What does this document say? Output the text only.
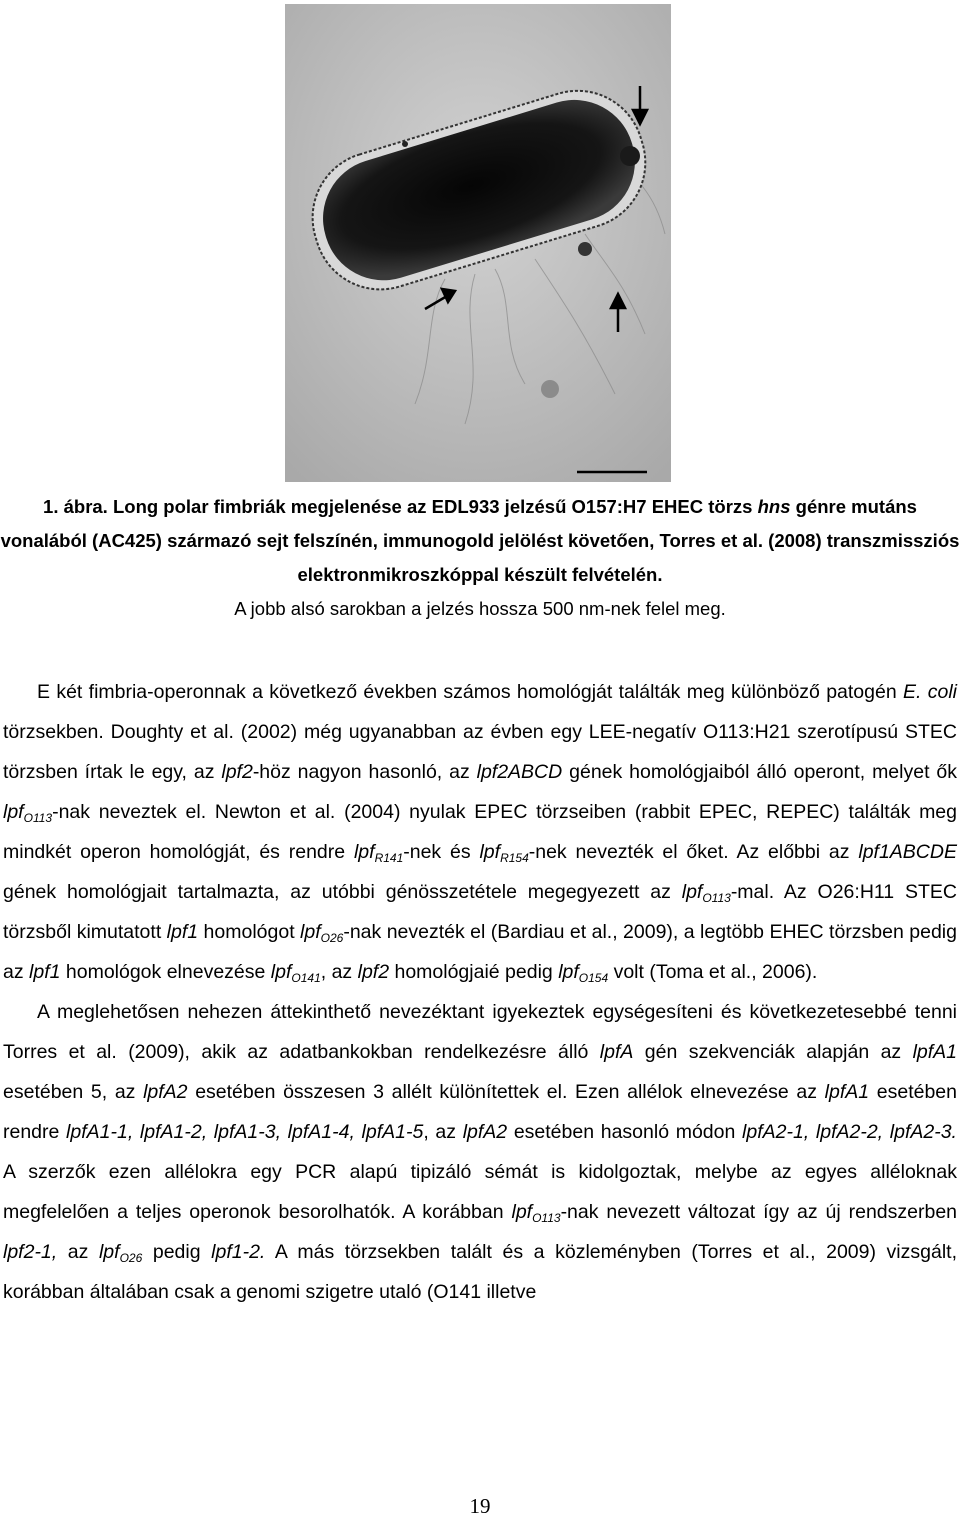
1. ábra. Long polar fimbriák megjelenése az EDL933 jelzésű O157:H7 EHEC törzs hns génre mutáns vonalából (AC425) származó sejt felszínén, immunogold jelölést követően, Torres et al. (2008) transzmissziós elektronmikroszkóppal készült felvételén.
A jobb alsó sarokban a jelzés hossza 500 nm-nek felel meg.

E két fimbria-operonnak a következő években számos homológját találták meg különböző patogén E. coli törzsekben. Doughty et al. (2002) még ugyanabban az évben egy LEE-negatív O113:H21 szerotípusú STEC törzsben írtak le egy, az lpf2-höz nagyon hasonló, az lpf2ABCD gének homológjaiból álló operont, melyet ők lpf$_{O113}$-nak neveztek el. Newton et al. (2004) nyulak EPEC törzseiben (rabbit EPEC, REPEC) találták meg mindkét operon homológját, és rendre lpf$_{R141}$-nek és lpf$_{R154}$-nek nevezték el őket. Az előbbi az lpf1ABCDE gének homológjait tartalmazta, az utóbbi génösszetétele megegyezett az lpf$_{O113}$-mal. Az O26:H11 STEC törzsből kimutatott lpf1 homológot lpf$_{O26}$-nak nevezték el (Bardiau et al., 2009), a legtöbb EHEC törzsben pedig az lpf1 homológok elnevezése lpf$_{O141}$, az lpf2 homológjaié pedig lpf$_{O154}$ volt (Toma et al., 2006).

A meglehetősen nehezen áttekinthető nevezéktant igyekeztek egységesíteni és következetesebbé tenni Torres et al. (2009), akik az adatbankokban rendelkezésre álló lpfA gén szekvenciák alapján az lpfA1 esetében 5, az lpfA2 esetében összesen 3 allélt különítettek el. Ezen allélok elnevezése az lpfA1 esetében rendre lpfA1-1, lpfA1-2, lpfA1-3, lpfA1-4, lpfA1-5, az lpfA2 esetében hasonló módon lpfA2-1, lpfA2-2, lpfA2-3. A szerzők ezen allélokra egy PCR alapú tipizáló sémát is kidolgoztak, melybe az egyes alléloknak megfelelően a teljes operonok besorolhatók. A korábban lpf$_{O113}$-nak nevezett változat így az új rendszerben lpf2-1, az lpf$_{O26}$ pedig lpf1-2. A más törzsekben talált és a közleményben (Torres et al., 2009) vizsgált, korábban általában csak a genomi szigetre utaló (O141 illetve

19
